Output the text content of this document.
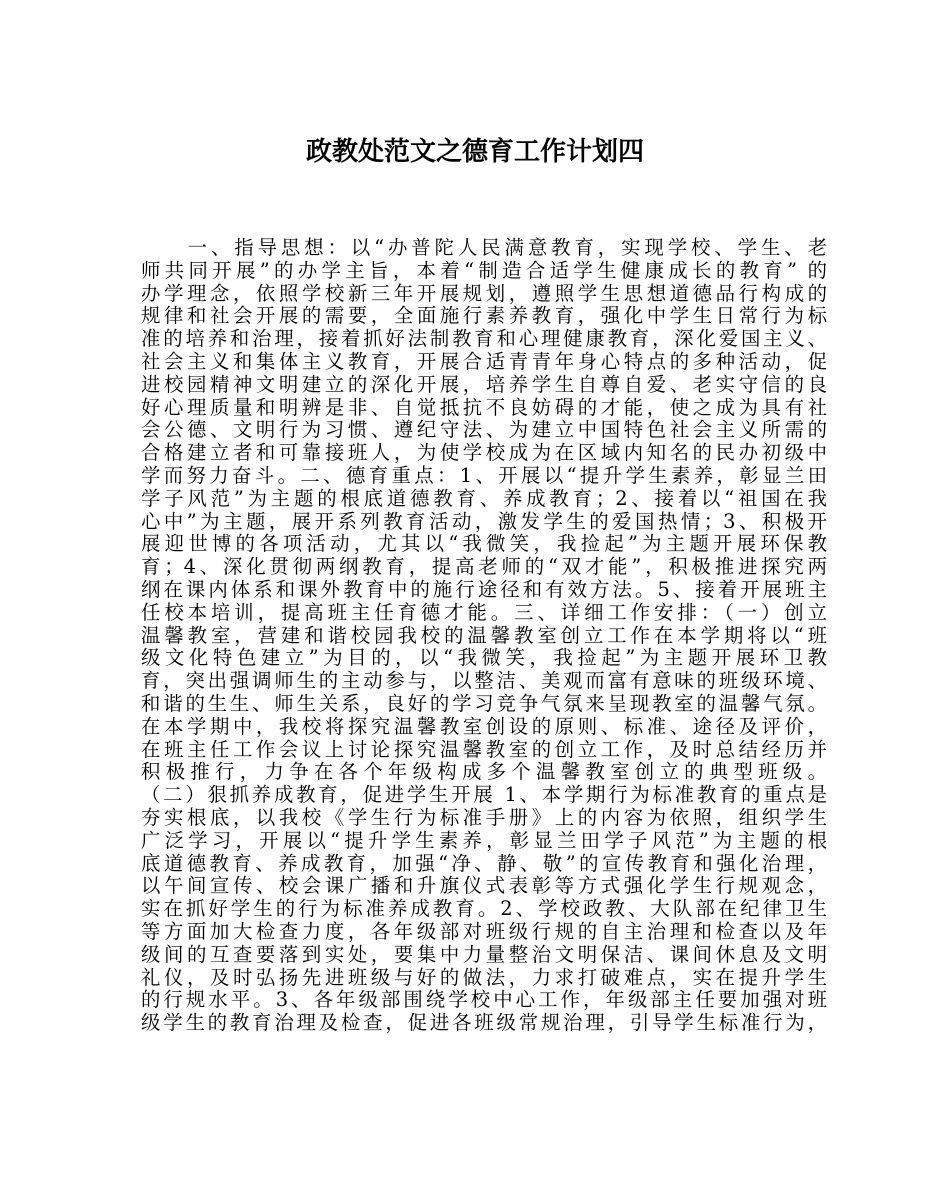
政教处范文之德育工作计划四
　　一、指导思想：以“办普陀人民满意教育，实现学校、学生、老
师共同开展”的办学主旨，本着“制造合适学生健康成长的教育” 的
办学理念，依照学校新三年开展规划，遵照学生思想道德品行构成的
规律和社会开展的需要，全面施行素养教育，强化中学生日常行为标
准的培养和治理，接着抓好法制教育和心理健康教育，深化爱国主义、
社会主义和集体主义教育，开展合适青青年身心特点的多种活动，促
进校园精神文明建立的深化开展，培养学生自尊自爱、老实守信的良
好心理质量和明辨是非、自觉抵抗不良妨碍的才能，使之成为具有社
会公德、文明行为习惯、遵纪守法、为建立中国特色社会主义所需的
合格建立者和可靠接班人，为使学校成为在区域内知名的民办初级中
学而努力奋斗。二、德育重点：1、开展以“提升学生素养，彰显兰田
学子风范”为主题的根底道德教育、养成教育；2、接着以“祖国在我
心中”为主题，展开系列教育活动，激发学生的爱国热情；3、积极开
展迎世博的各项活动，尤其以“我微笑，我捡起”为主题开展环保教
育；4、深化贯彻两纲教育，提高老师的“双才能”，积极推进探究两
纲在课内体系和课外教育中的施行途径和有效方法。5、接着开展班主
任校本培训，提高班主任育德才能。三、详细工作安排：（一）创立
温馨教室，营建和谐校园我校的温馨教室创立工作在本学期将以“班
级文化特色建立”为目的，以“我微笑，我捡起”为主题开展环卫教
育，突出强调师生的主动参与，以整洁、美观而富有意味的班级环境、
和谐的生生、师生关系，良好的学习竞争气氛来呈现教室的温馨气氛。
在本学期中，我校将探究温馨教室创设的原则、标准、途径及评价，
在班主任工作会议上讨论探究温馨教室的创立工作，及时总结经历并
积极推行，力争在各个年级构成多个温馨教室创立的典型班级。
（二）狠抓养成教育，促进学生开展 1、本学期行为标准教育的重点是
夯实根底，以我校《学生行为标准手册》上的内容为依照，组织学生
广泛学习，开展以“提升学生素养，彰显兰田学子风范”为主题的根
底道德教育、养成教育，加强“净、静、敬”的宣传教育和强化治理，
以午间宣传、校会课广播和升旗仪式表彰等方式强化学生行规观念，
实在抓好学生的行为标准养成教育。2、学校政教、大队部在纪律卫生
等方面加大检查力度，各年级部对班级行规的自主治理和检查以及年
级间的互查要落到实处，要集中力量整治文明保洁、课间休息及文明
礼仪，及时弘扬先进班级与好的做法，力求打破难点，实在提升学生
的行规水平。3、各年级部围绕学校中心工作，年级部主任要加强对班
级学生的教育治理及检查，促进各班级常规治理，引导学生标准行为，
